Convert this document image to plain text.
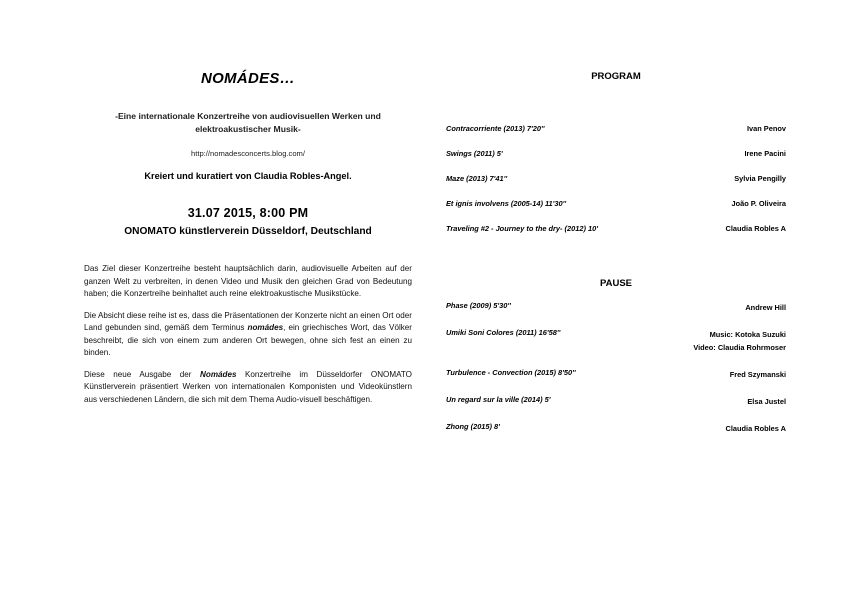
NOMÁDES…
-Eine internationale Konzertreihe von audiovisuellen Werken und
elektroakustischer Musik-
http://nomadesconcerts.blog.com/
Kreiert und kuratiert von Claudia Robles-Angel.
31.07 2015, 8:00 PM
ONOMATO künstlerverein Düsseldorf, Deutschland

Das Ziel dieser Konzertreihe besteht hauptsächlich darin, audiovisuelle Arbeiten auf der ganzen Welt zu verbreiten, in denen Video und Musik den gleichen Grad von Bedeutung haben; die Konzertreihe beinhaltet auch reine elektroakustische Musikstücke.

Die Absicht diese reihe ist es, dass die Präsentationen der Konzerte nicht an einen Ort oder Land gebunden sind, gemäß dem Terminus nomádes, ein griechisches Wort, das Völker beschreibt, die sich von einem zum anderen Ort bewegen, ohne sich fest an einen zu binden.

Diese neue Ausgabe der Nomádes Konzertreihe im Düsseldorfer ONOMATO Künstlerverein präsentiert Werken von internationalen Komponisten und Videokünstlern aus verschiedenen Ländern, die sich mit dem Thema Audio-visuell beschäftigen.

PROGRAM
Contracorriente (2013) 7'20''	Ivan Penov
Swings (2011) 5'	Irene Pacini
Maze (2013) 7'41''	Sylvia Pengilly
Et ignis involvens (2005-14) 11'30''	João P. Oliveira
Traveling #2 - Journey to the dry- (2012) 10'	Claudia Robles A
PAUSE
Phase (2009) 5'30''	Andrew Hill
Umiki Soni Colores (2011) 16'58''	Music: Kotoka Suzuki
Video: Claudia Rohrmoser
Turbulence - Convection (2015) 8'50''	Fred Szymanski
Un regard sur la ville (2014) 5'	Elsa Justel
Zhong (2015) 8'	Claudia Robles A
